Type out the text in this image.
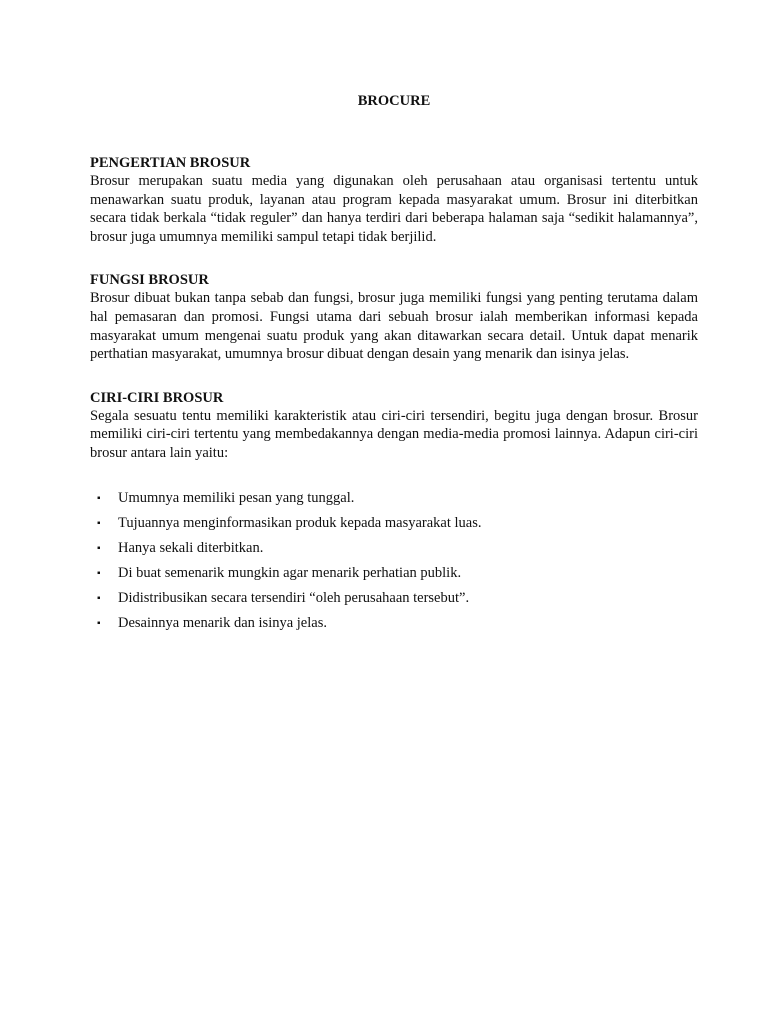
BROCURE
PENGERTIAN BROSUR
Brosur merupakan suatu media yang digunakan oleh perusahaan atau organisasi tertentu untuk menawarkan suatu produk, layanan atau program kepada masyarakat umum. Brosur ini diterbitkan secara tidak berkala “tidak reguler” dan hanya terdiri dari beberapa halaman saja “sedikit halamannya”, brosur juga umumnya memiliki sampul tetapi tidak berjilid.
FUNGSI BROSUR
Brosur dibuat bukan tanpa sebab dan fungsi, brosur juga memiliki fungsi yang penting terutama dalam hal pemasaran dan promosi. Fungsi utama dari sebuah brosur ialah memberikan informasi kepada masyarakat umum mengenai suatu produk yang akan ditawarkan secara detail. Untuk dapat menarik perthatian masyarakat, umumnya brosur dibuat dengan desain yang menarik dan isinya jelas.
CIRI-CIRI BROSUR
Segala sesuatu tentu memiliki karakteristik atau ciri-ciri tersendiri, begitu juga dengan brosur. Brosur memiliki ciri-ciri tertentu yang membedakannya dengan media-media promosi lainnya. Adapun ciri-ciri brosur antara lain yaitu:
▪ Umumnya memiliki pesan yang tunggal.
▪ Tujuannya menginformasikan produk kepada masyarakat luas.
▪ Hanya sekali diterbitkan.
▪ Di buat semenarik mungkin agar menarik perhatian publik.
▪ Didistribusikan secara tersendiri “oleh perusahaan tersebut”.
▪ Desainnya menarik dan isinya jelas.
